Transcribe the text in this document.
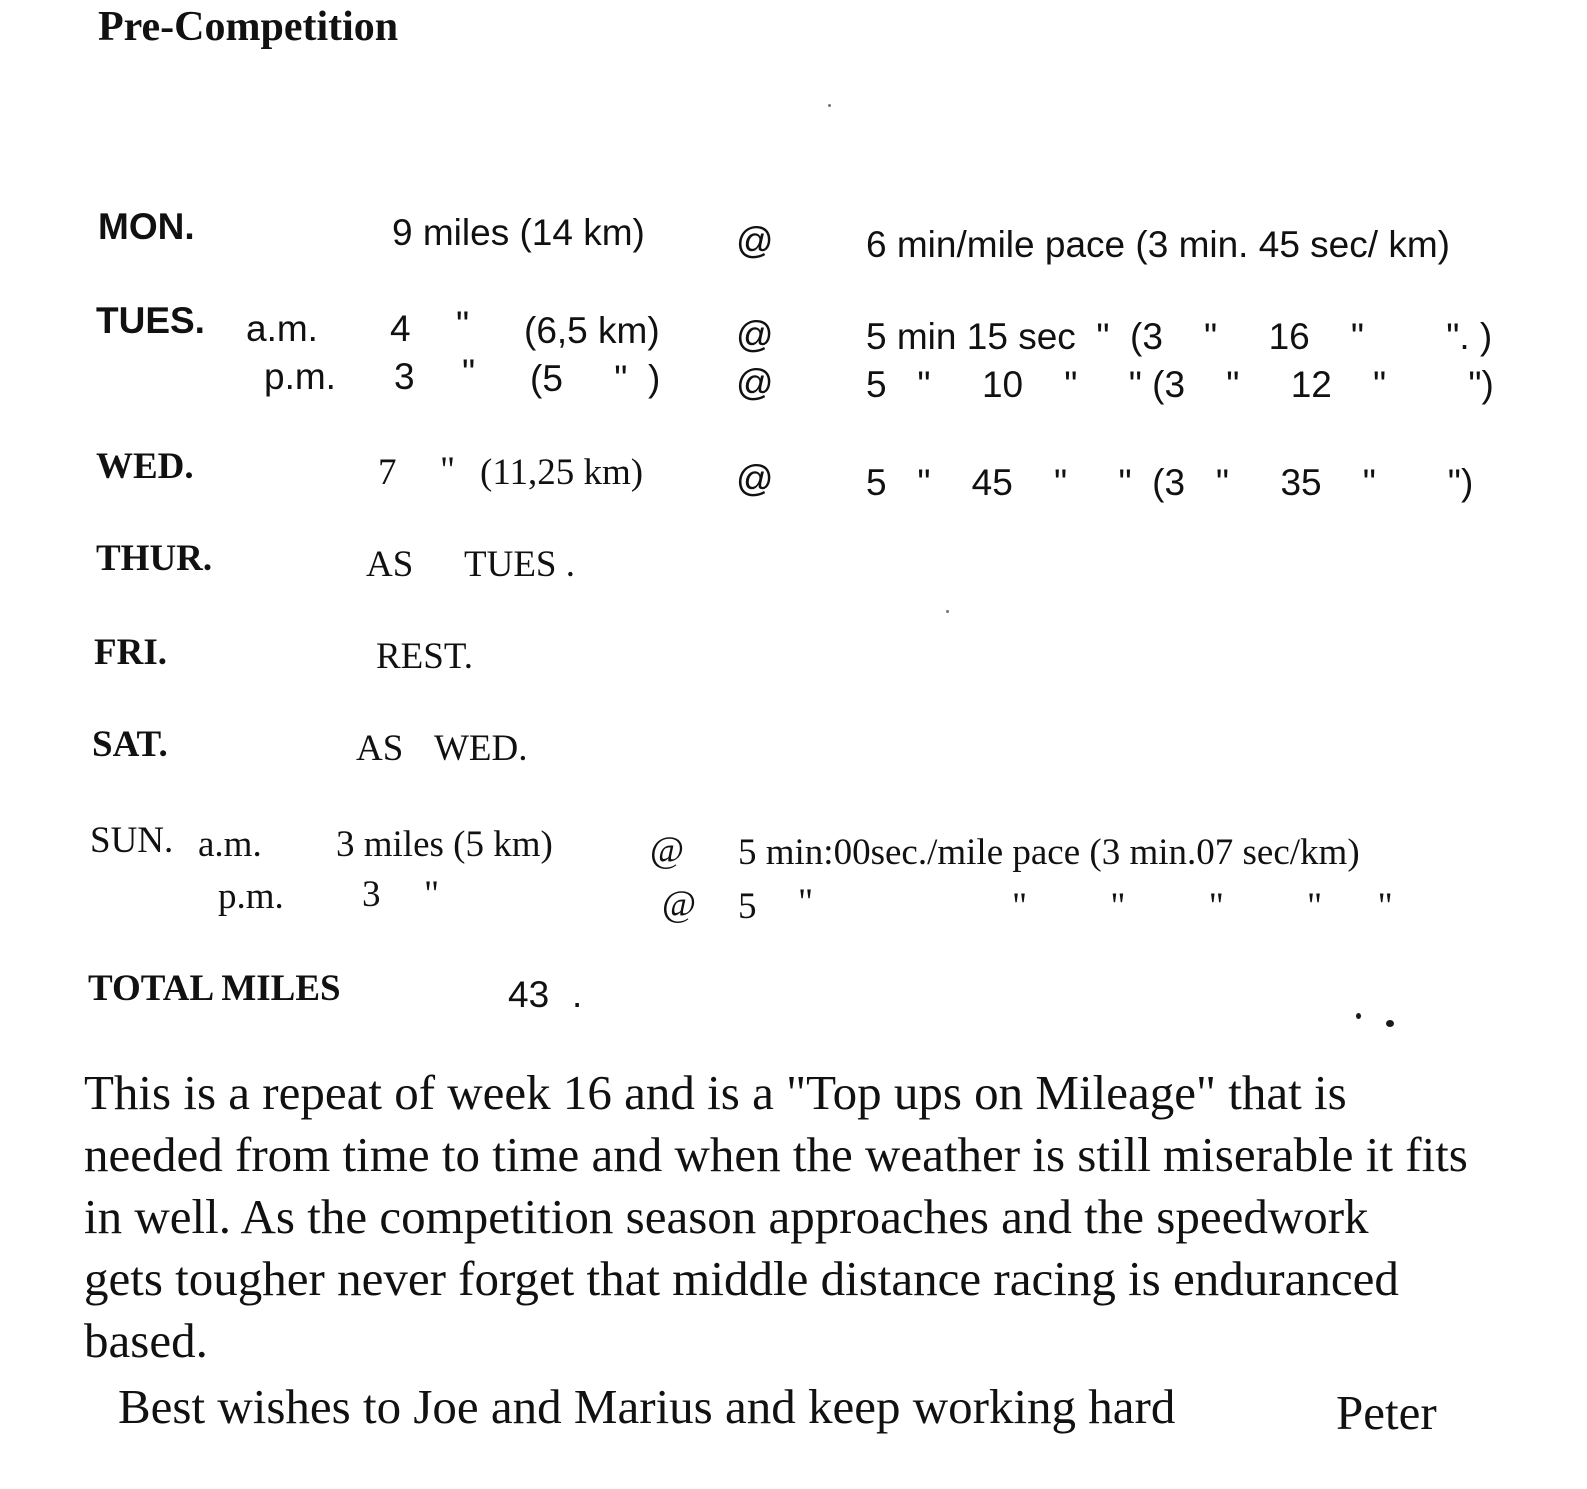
Pre-Competition
MON.	9 miles (14 km) @ 6 min/mile pace (3 min. 45 sec/ km)
TUES. a.m. 4 " (6,5 km) @ 5 min 15 sec  "  (3    "     16    "        ". )
p.m. 3 " (5     "  ) @ 5   "     10    "     " (3    "     12    "        ")
WED.	7 " (11,25 km)	@ 5   "    45    "     "  (3   "     35    "       ")
THUR.	AS TUES .
FRI.	REST.
SAT.	AS WED.
SUN. a.m. 3 miles (5 km)	@ 5 min:00sec./mile pace (3 min.07 sec/km)
p.m. 3 "	@ 5 "	"         "         "         "      "
TOTAL MILES	43 .
This is a repeat of week 16 and is a "Top ups on Mileage" that is
needed from time to time and when the weather is still miserable it fits
in well. As the competition season approaches and the speedwork
gets tougher never forget that middle distance racing is enduranced
based.
Best wishes to Joe and Marius and keep working hard	Peter
